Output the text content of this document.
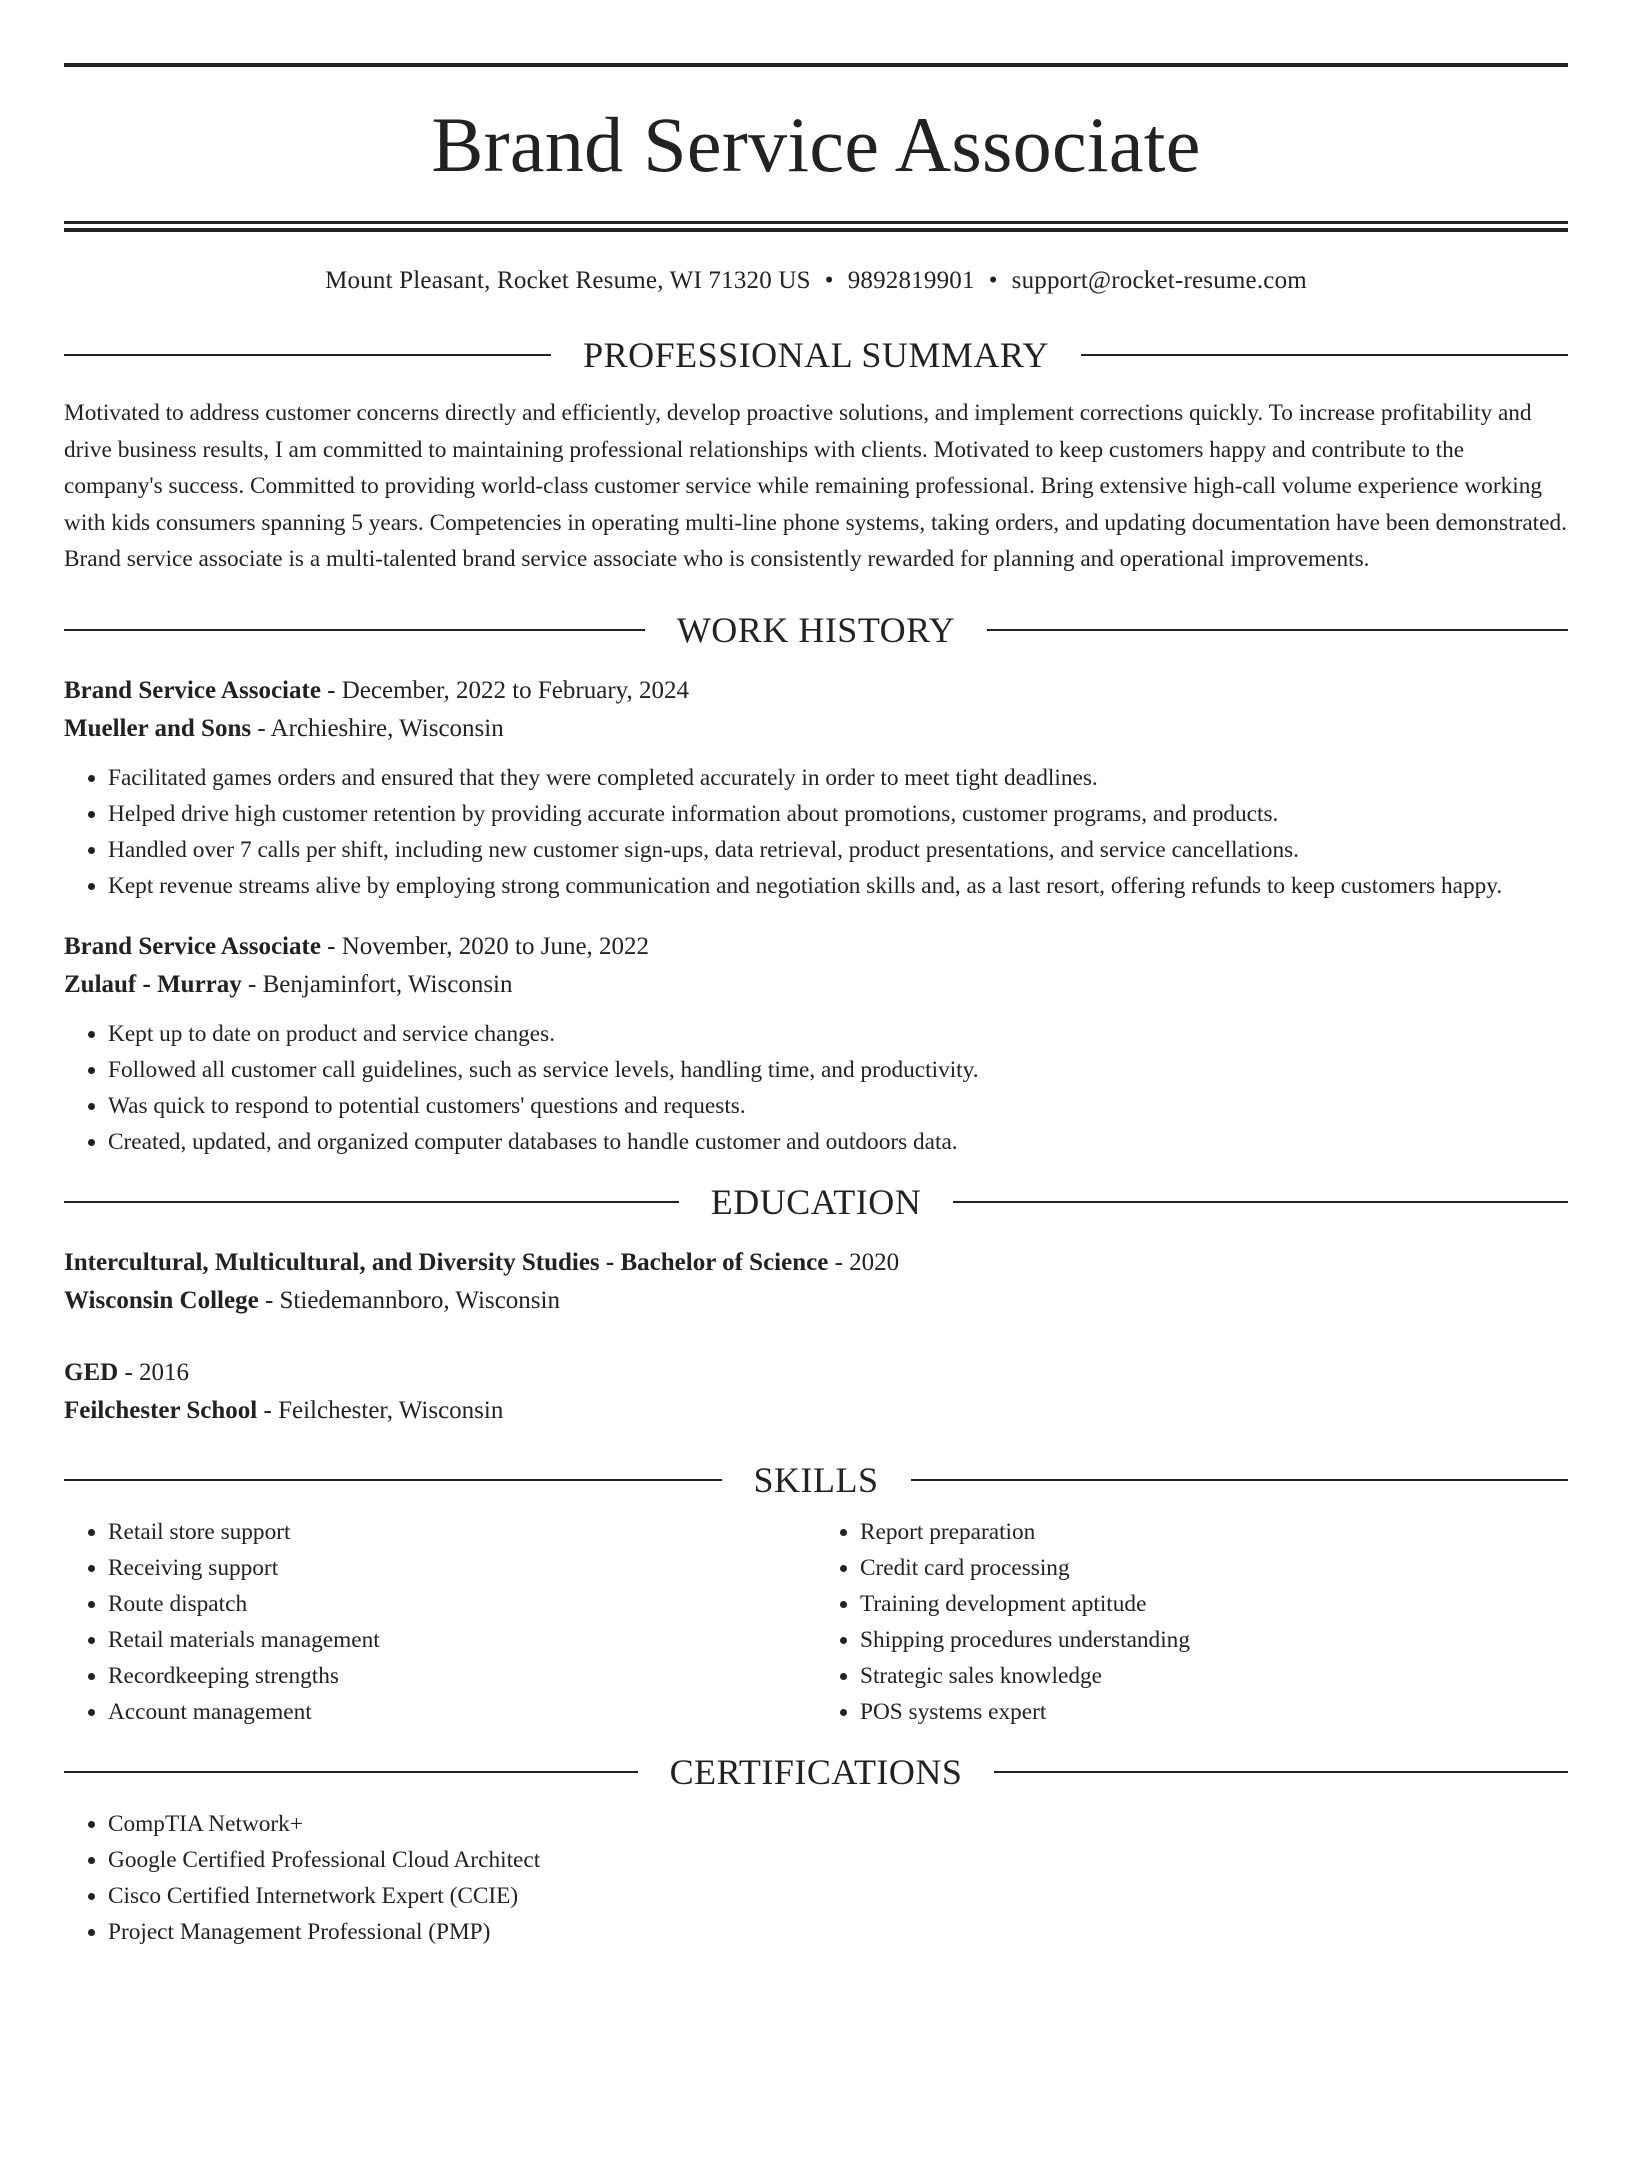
Brand Service Associate
Mount Pleasant, Rocket Resume, WI 71320 US • 9892819901 • support@rocket-resume.com
PROFESSIONAL SUMMARY
Motivated to address customer concerns directly and efficiently, develop proactive solutions, and implement corrections quickly. To increase profitability and drive business results, I am committed to maintaining professional relationships with clients. Motivated to keep customers happy and contribute to the company's success. Committed to providing world-class customer service while remaining professional. Bring extensive high-call volume experience working with kids consumers spanning 5 years. Competencies in operating multi-line phone systems, taking orders, and updating documentation have been demonstrated. Brand service associate is a multi-talented brand service associate who is consistently rewarded for planning and operational improvements.
WORK HISTORY
Brand Service Associate - December, 2022 to February, 2024
Mueller and Sons - Archieshire, Wisconsin
• Facilitated games orders and ensured that they were completed accurately in order to meet tight deadlines.
• Helped drive high customer retention by providing accurate information about promotions, customer programs, and products.
• Handled over 7 calls per shift, including new customer sign-ups, data retrieval, product presentations, and service cancellations.
• Kept revenue streams alive by employing strong communication and negotiation skills and, as a last resort, offering refunds to keep customers happy.
Brand Service Associate - November, 2020 to June, 2022
Zulauf - Murray - Benjaminfort, Wisconsin
• Kept up to date on product and service changes.
• Followed all customer call guidelines, such as service levels, handling time, and productivity.
• Was quick to respond to potential customers' questions and requests.
• Created, updated, and organized computer databases to handle customer and outdoors data.
EDUCATION
Intercultural, Multicultural, and Diversity Studies - Bachelor of Science - 2020
Wisconsin College - Stiedemannboro, Wisconsin
GED - 2016
Feilchester School - Feilchester, Wisconsin
SKILLS
• Retail store support
• Receiving support
• Route dispatch
• Retail materials management
• Recordkeeping strengths
• Account management
• Report preparation
• Credit card processing
• Training development aptitude
• Shipping procedures understanding
• Strategic sales knowledge
• POS systems expert
CERTIFICATIONS
• CompTIA Network+
• Google Certified Professional Cloud Architect
• Cisco Certified Internetwork Expert (CCIE)
• Project Management Professional (PMP)
